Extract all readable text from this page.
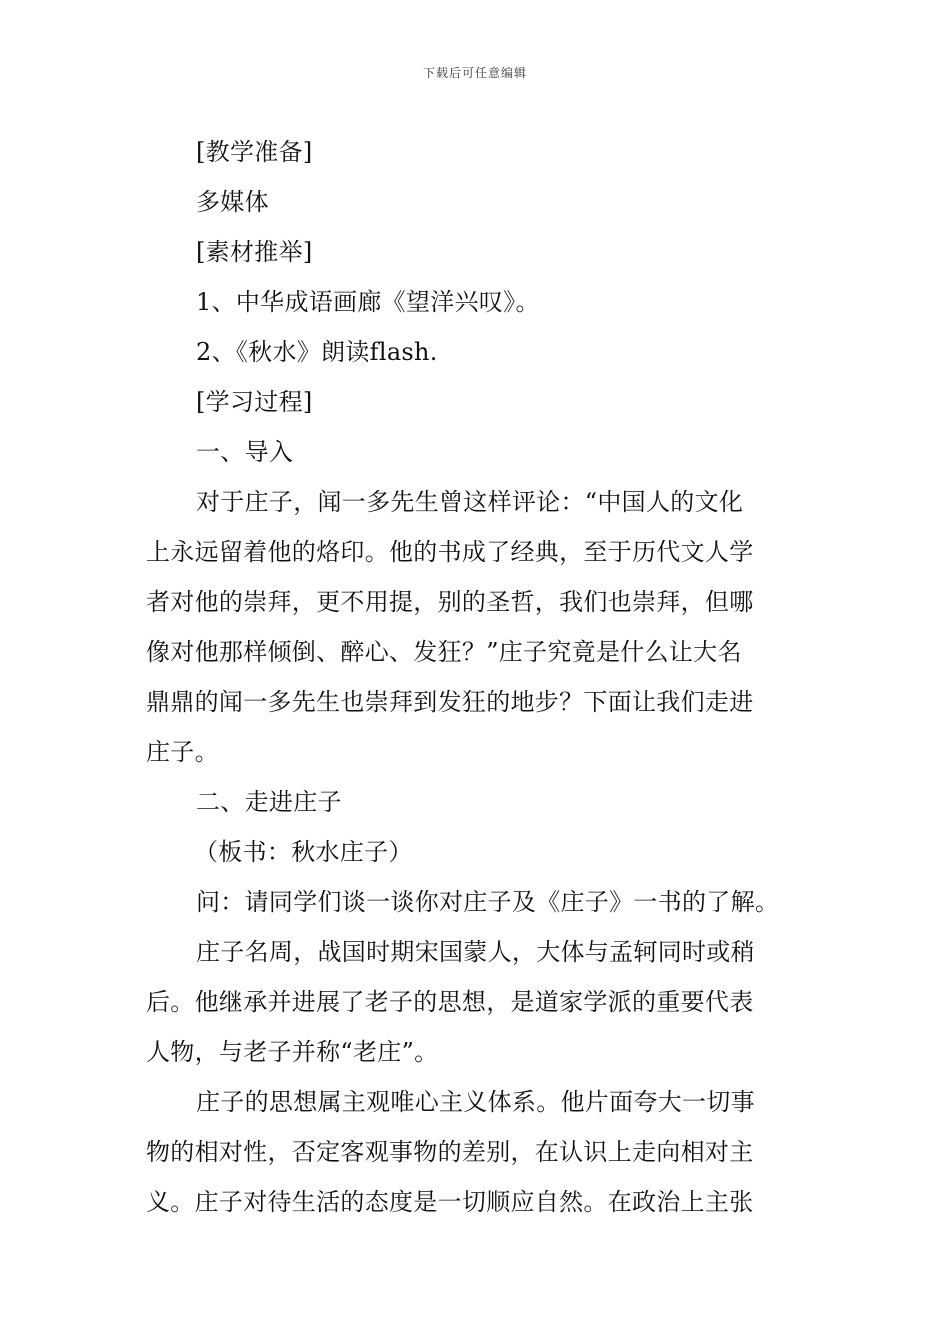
下载后可任意编辑
[教学准备]
多媒体
[素材推举]
1、中华成语画廊《望洋兴叹》。
2、《秋水》朗读flash.
[学习过程]
一、导入
对于庄子，闻一多先生曾这样评论：“中国人的文化
上永远留着他的烙印。他的书成了经典，至于历代文人学
者对他的崇拜，更不用提，别的圣哲，我们也崇拜，但哪
像对他那样倾倒、醉心、发狂？”庄子究竟是什么让大名
鼎鼎的闻一多先生也崇拜到发狂的地步？下面让我们走进
庄子。
二、走进庄子
（板书：秋水庄子）
问：请同学们谈一谈你对庄子及《庄子》一书的了解。
庄子名周，战国时期宋国蒙人，大体与孟轲同时或稍
后。他继承并进展了老子的思想，是道家学派的重要代表
人物，与老子并称“老庄”。
庄子的思想属主观唯心主义体系。他片面夸大一切事
物的相对性，否定客观事物的差别，在认识上走向相对主
义。庄子对待生活的态度是一切顺应自然。在政治上主张
